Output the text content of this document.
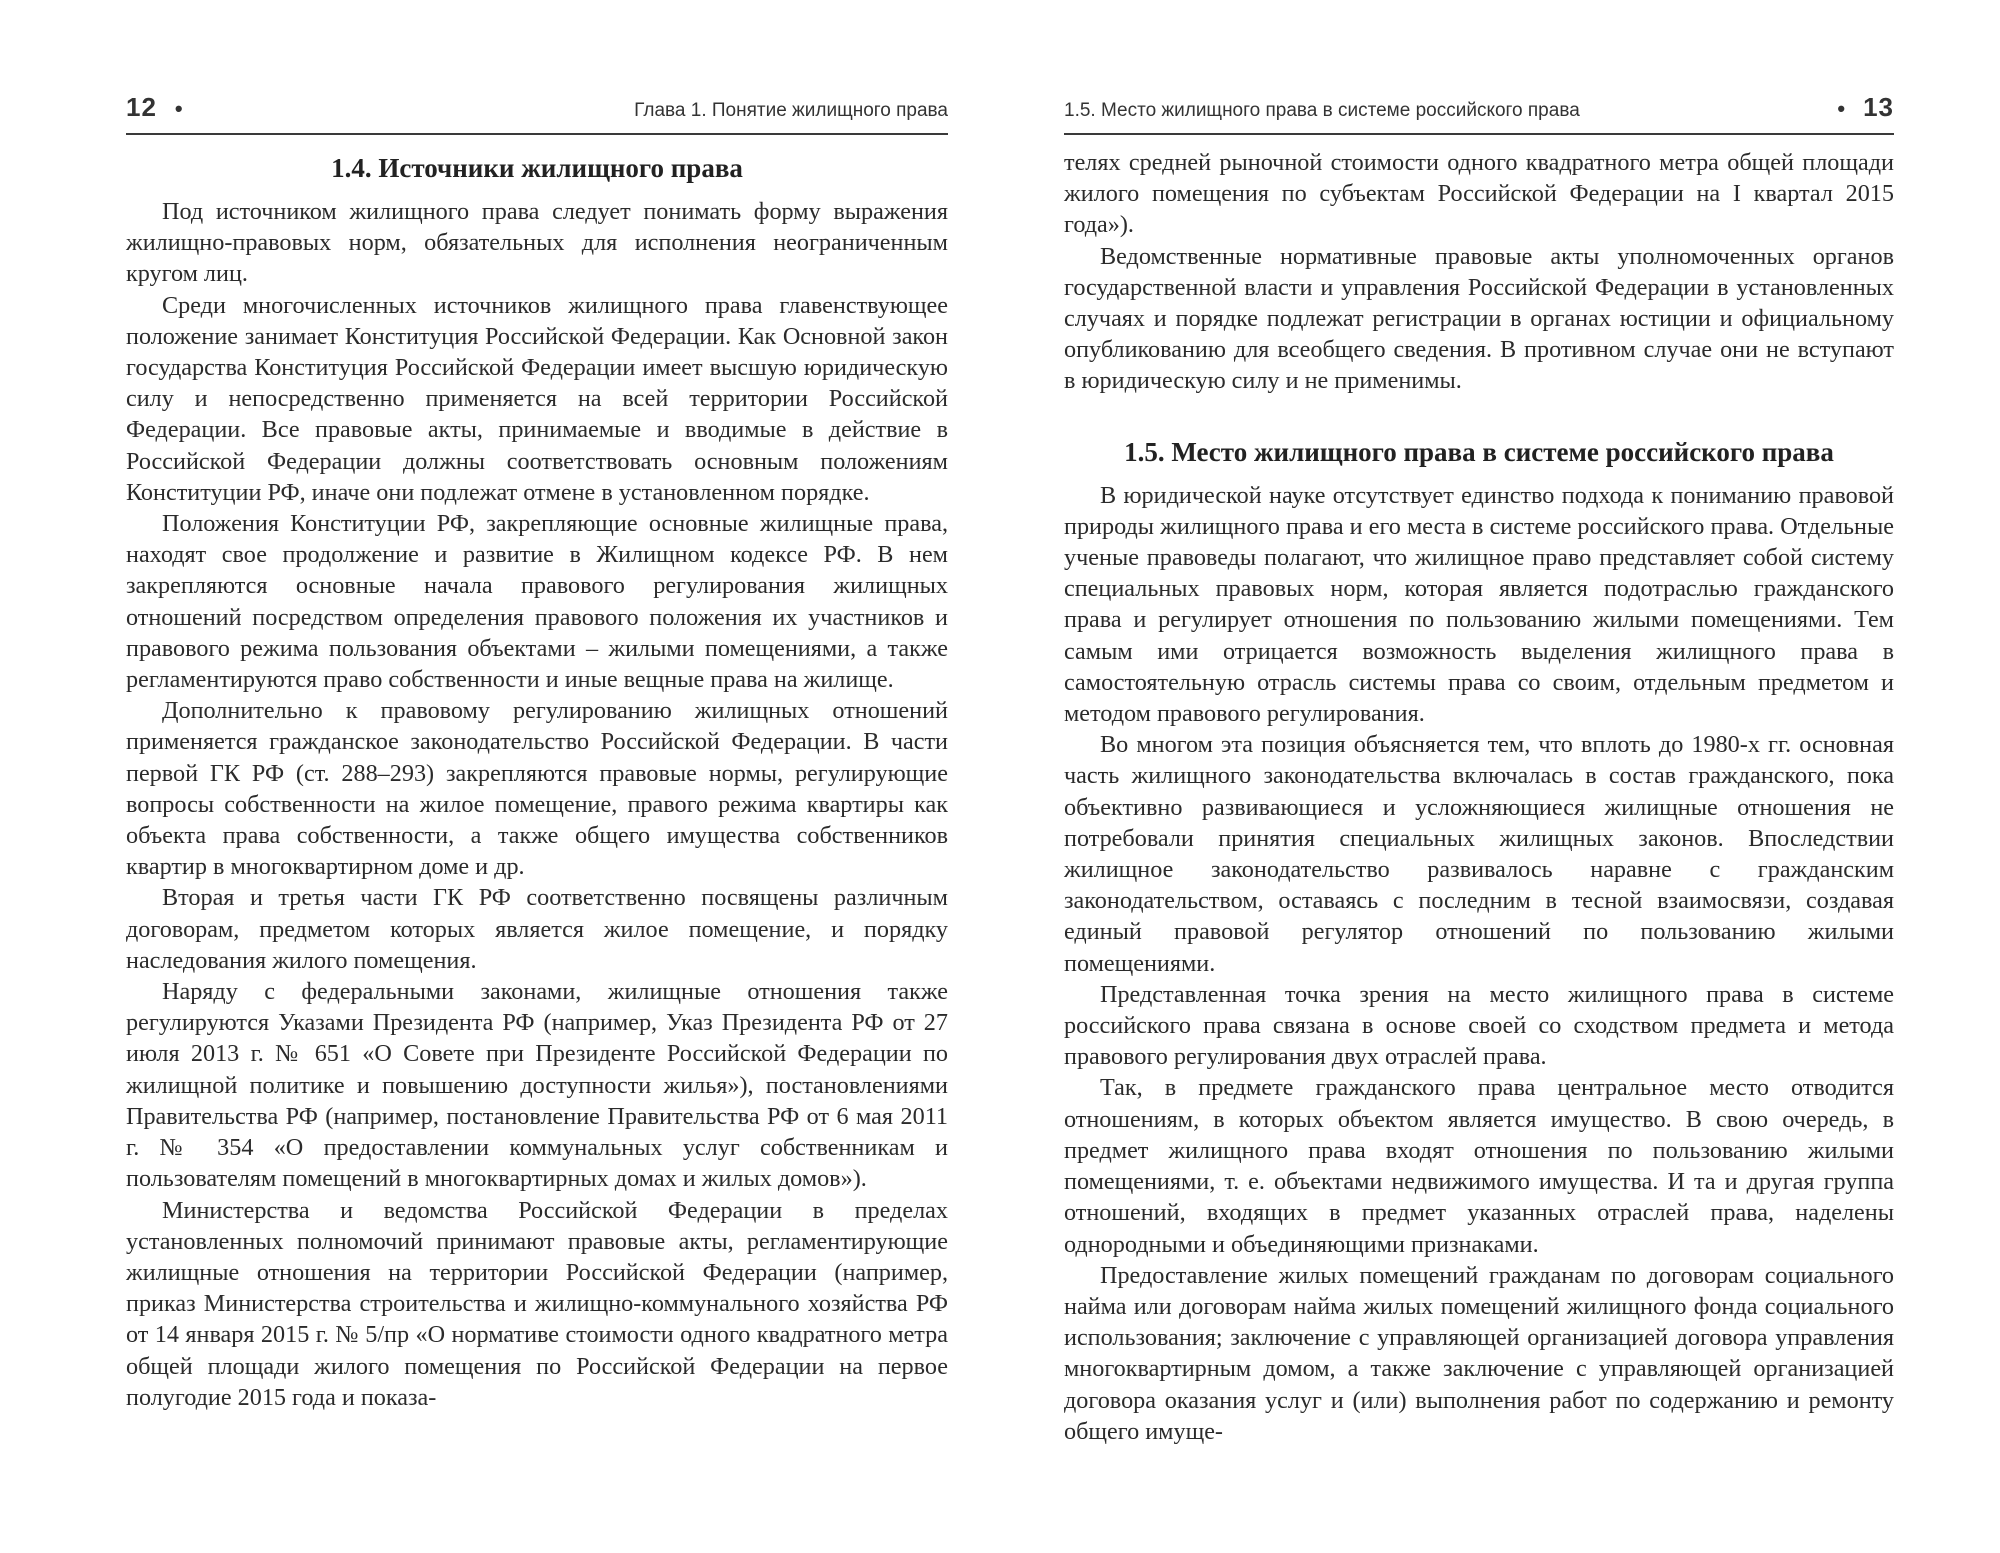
12 •	Глава 1. Понятие жилищного права
1.4. Источники жилищного права

Под источником жилищного права следует понимать форму выражения жилищно-правовых норм, обязательных для исполнения неограниченным кругом лиц.

Среди многочисленных источников жилищного права главенствующее положение занимает Конституция Российской Федерации. Как Основной закон государства Конституция Российской Федерации имеет высшую юридическую силу и непосредственно применяется на всей территории Российской Федерации. Все правовые акты, принимаемые и вводимые в действие в Российской Федерации должны соответствовать основным положениям Конституции РФ, иначе они подлежат отмене в установленном порядке.

Положения Конституции РФ, закрепляющие основные жилищные права, находят свое продолжение и развитие в Жилищном кодексе РФ. В нем закрепляются основные начала правового регулирования жилищных отношений посредством определения правового положения их участников и правового режима пользования объектами – жилыми помещениями, а также регламентируются право собственности и иные вещные права на жилище.

Дополнительно к правовому регулированию жилищных отношений применяется гражданское законодательство Российской Федерации. В части первой ГК РФ (ст. 288–293) закрепляются правовые нормы, регулирующие вопросы собственности на жилое помещение, правого режима квартиры как объекта права собственности, а также общего имущества собственников квартир в многоквартирном доме и др.

Вторая и третья части ГК РФ соответственно посвящены различным договорам, предметом которых является жилое помещение, и порядку наследования жилого помещения.

Наряду с федеральными законами, жилищные отношения также регулируются Указами Президента РФ (например, Указ Президента РФ от 27 июля 2013 г. № 651 «О Совете при Президенте Российской Федерации по жилищной политике и повышению доступности жилья»), постановлениями Правительства РФ (например, постановление Правительства РФ от 6 мая 2011 г. № 354 «О предоставлении коммунальных услуг собственникам и пользователям помещений в многоквартирных домах и жилых домов»).

Министерства и ведомства Российской Федерации в пределах установленных полномочий принимают правовые акты, регламентирующие жилищные отношения на территории Российской Федерации (например, приказ Министерства строительства и жилищно-коммунального хозяйства РФ от 14 января 2015 г. № 5/пр «О нормативе стоимости одного квадратного метра общей площади жилого помещения по Российской Федерации на первое полугодие 2015 года и показа-

1.5. Место жилищного права в системе российского права	• 13

телях средней рыночной стоимости одного квадратного метра общей площади жилого помещения по субъектам Российской Федерации на I квартал 2015 года»).

Ведомственные нормативные правовые акты уполномоченных органов государственной власти и управления Российской Федерации в установленных случаях и порядке подлежат регистрации в органах юстиции и официальному опубликованию для всеобщего сведения. В противном случае они не вступают в юридическую силу и не применимы.

1.5. Место жилищного права в системе российского права

В юридической науке отсутствует единство подхода к пониманию правовой природы жилищного права и его места в системе российского права. Отдельные ученые правоведы полагают, что жилищное право представляет собой систему специальных правовых норм, которая является подотраслью гражданского права и регулирует отношения по пользованию жилыми помещениями. Тем самым ими отрицается возможность выделения жилищного права в самостоятельную отрасль системы права со своим, отдельным предметом и методом правового регулирования.

Во многом эта позиция объясняется тем, что вплоть до 1980-х гг. основная часть жилищного законодательства включалась в состав гражданского, пока объективно развивающиеся и усложняющиеся жилищные отношения не потребовали принятия специальных жилищных законов. Впоследствии жилищное законодательство развивалось наравне с гражданским законодательством, оставаясь с последним в тесной взаимосвязи, создавая единый правовой регулятор отношений по пользованию жилыми помещениями.

Представленная точка зрения на место жилищного права в системе российского права связана в основе своей со сходством предмета и метода правового регулирования двух отраслей права.

Так, в предмете гражданского права центральное место отводится отношениям, в которых объектом является имущество. В свою очередь, в предмет жилищного права входят отношения по пользованию жилыми помещениями, т. е. объектами недвижимого имущества. И та и другая группа отношений, входящих в предмет указанных отраслей права, наделены однородными и объединяющими признаками.

Предоставление жилых помещений гражданам по договорам социального найма или договорам найма жилых помещений жилищного фонда социального использования; заключение с управляющей организацией договора управления многоквартирным домом, а также заключение с управляющей организацией договора оказания услуг и (или) выполнения работ по содержанию и ремонту общего имуще-
